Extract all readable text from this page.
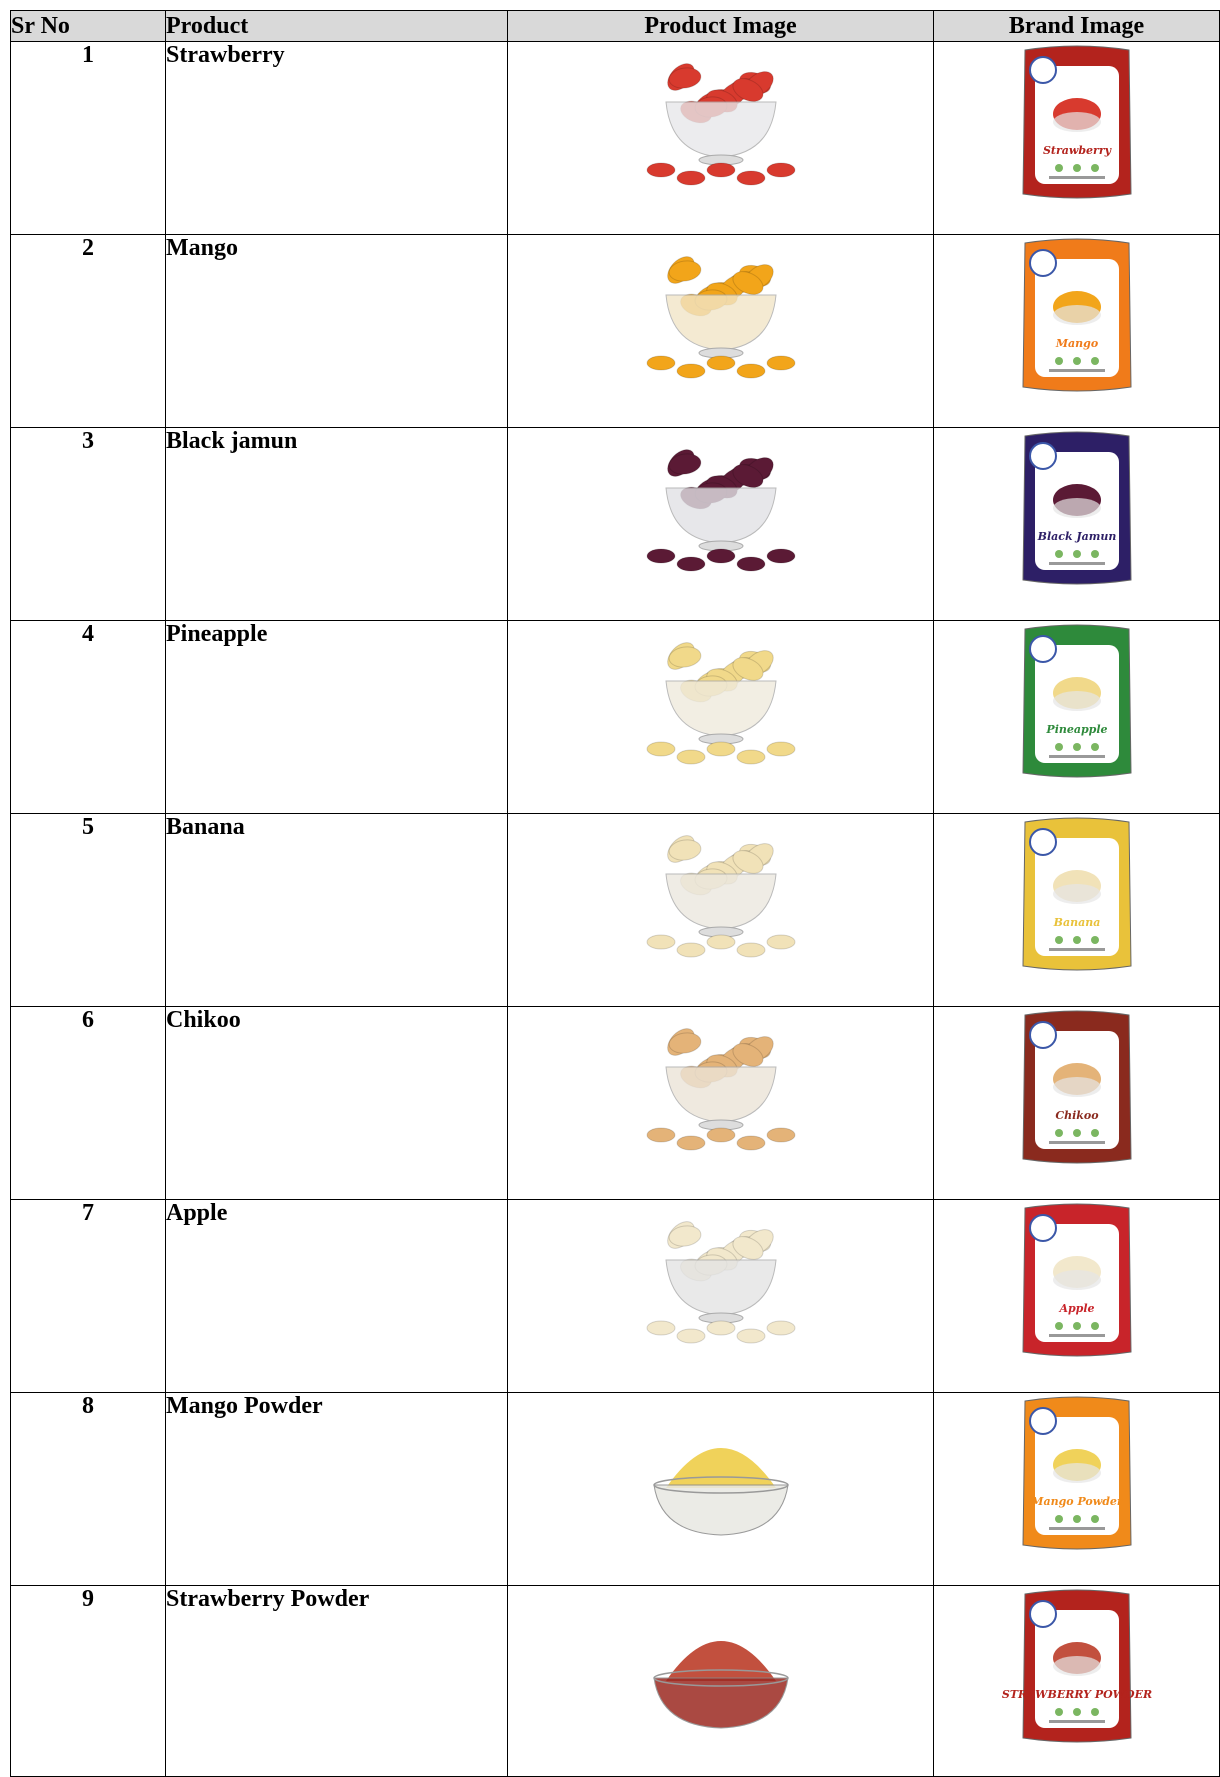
Sr No	Product	Product Image	Brand Image
1	Strawberry		Strawberry

2	Mango		Mango

3	Black jamun		Black Jamun

4	Pineapple		Pineapple

5	Banana		Banana

6	Chikoo		Chikoo

7	Apple		Apple

8	Mango Powder		Mango Powder

9	Strawberry Powder		STRAWBERRY POWDER
